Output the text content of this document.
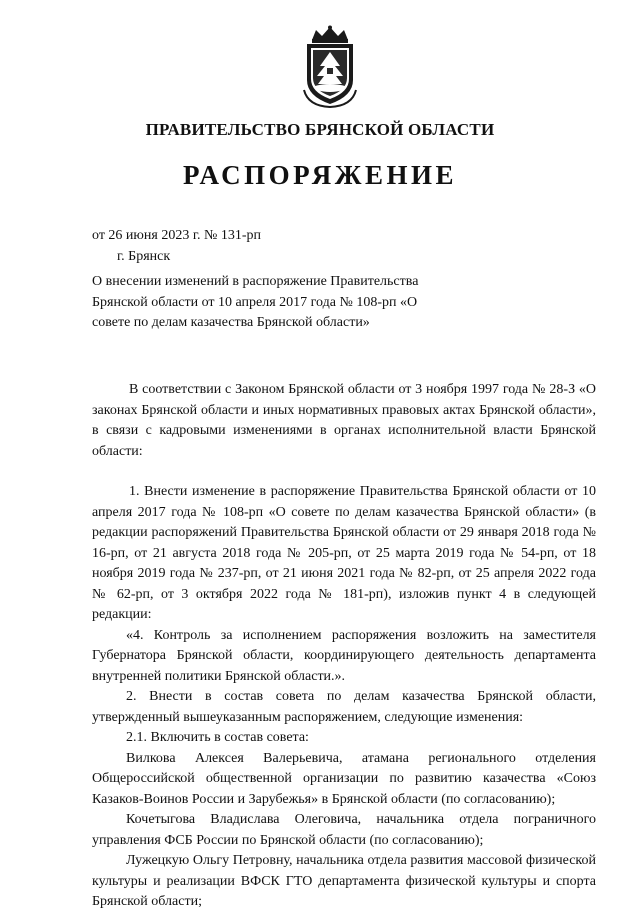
ПРАВИТЕЛЬСТВО БРЯНСКОЙ ОБЛАСТИ
РАСПОРЯЖЕНИЕ
от 26 июня 2023 г. № 131-рп
г. Брянск
О внесении изменений в распоряжение Правительства Брянской области от 10 апреля 2017 года № 108-рп «О совете по делам казачества Брянской области»

В соответствии с Законом Брянской области от 3 ноября 1997 года № 28-З «О законах Брянской области и иных нормативных правовых актах Брянской области», в связи с кадровыми изменениями в органах исполнительной власти Брянской области:

1. Внести изменение в распоряжение Правительства Брянской области от 10 апреля 2017 года № 108-рп «О совете по делам казачества Брянской области» (в редакции распоряжений Правительства Брянской области от 29 января 2018 года № 16-рп, от 21 августа 2018 года № 205-рп, от 25 марта 2019 года № 54-рп, от 18 ноября 2019 года № 237-рп, от 21 июня 2021 года № 82-рп, от 25 апреля 2022 года № 62-рп, от 3 октября 2022 года № 181-рп), изложив пункт 4 в следующей редакции:

«4. Контроль за исполнением распоряжения возложить на заместителя Губернатора Брянской области, координирующего деятельность департамента внутренней политики Брянской области.».

2. Внести в состав совета по делам казачества Брянской области, утвержденный вышеуказанным распоряжением, следующие изменения:

2.1. Включить в состав совета:

Вилкова Алексея Валерьевича, атамана регионального отделения Общероссийской общественной организации по развитию казачества «Союз Казаков-Воинов России и Зарубежья» в Брянской области (по согласованию);

Кочетыгова Владислава Олеговича, начальника отдела пограничного управления ФСБ России по Брянской области (по согласованию);

Лужецкую Ольгу Петровну, начальника отдела развития массовой физической культуры и реализации ВФСК ГТО департамента физической культуры и спорта Брянской области;
